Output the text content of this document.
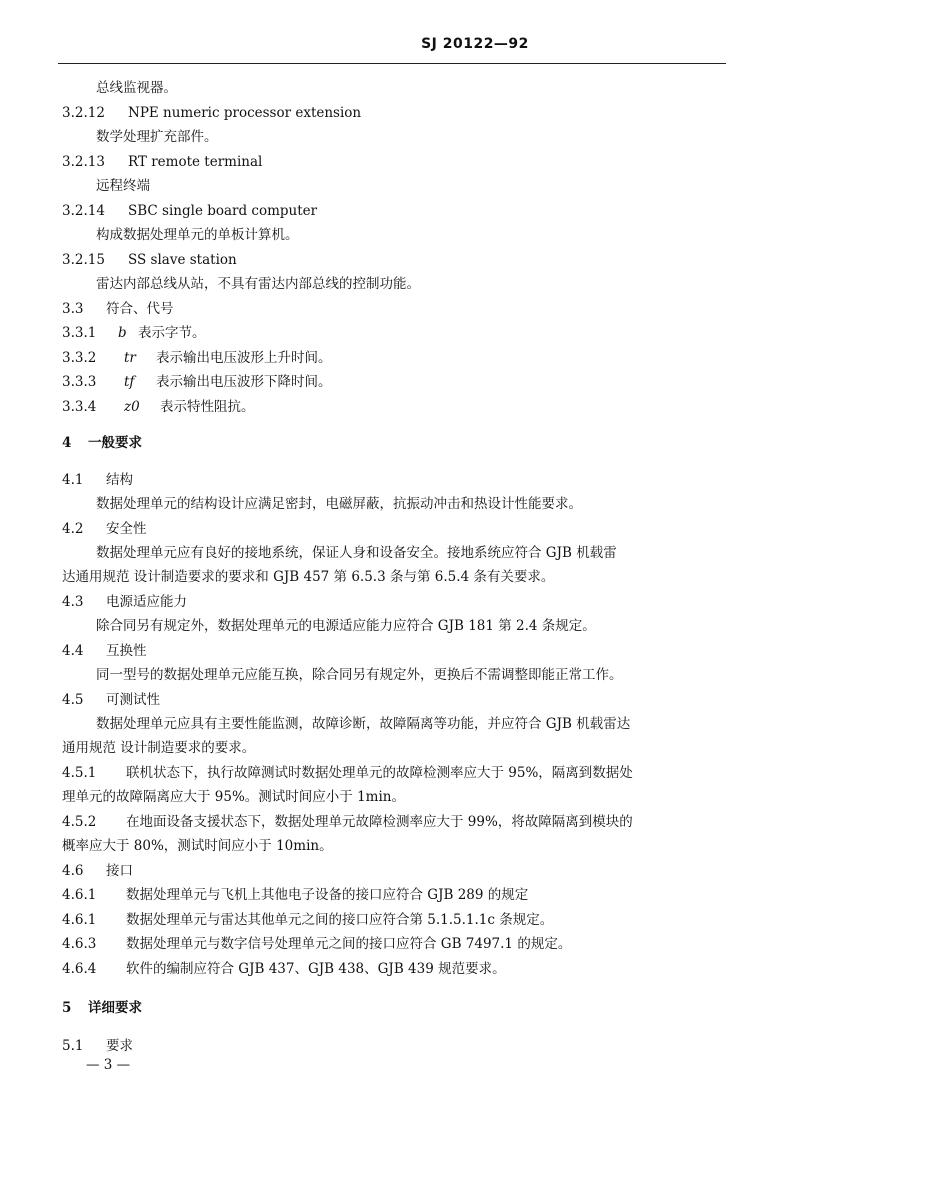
SJ 20122—92
总线监视器。
3.2.12 NPE numeric processor extension
数学处理扩充部件。
3.2.13 RT remote terminal
远程终端
3.2.14 SBC single board computer
构成数据处理单元的单板计算机。
3.2.15 SS slave station
雷达内部总线从站，不具有雷达内部总线的控制功能。
3.3 符合、代号
3.3.1 b 表示字节。
3.3.2 tr 表示输出电压波形上升时间。
3.3.3 tf 表示输出电压波形下降时间。
3.3.4 z0 表示特性阻抗。
4 一般要求
4.1 结构
数据处理单元的结构设计应满足密封，电磁屏蔽，抗振动冲击和热设计性能要求。
4.2 安全性
数据处理单元应有良好的接地系统，保证人身和设备安全。接地系统应符合 GJB 机载雷
达通用规范 设计制造要求的要求和 GJB 457 第 6.5.3 条与第 6.5.4 条有关要求。
4.3 电源适应能力
除合同另有规定外，数据处理单元的电源适应能力应符合 GJB 181 第 2.4 条规定。
4.4 互换性
同一型号的数据处理单元应能互换，除合同另有规定外，更换后不需调整即能正常工作。
4.5 可测试性
数据处理单元应具有主要性能监测，故障诊断，故障隔离等功能，并应符合 GJB 机载雷达
通用规范 设计制造要求的要求。
4.5.1 联机状态下，执行故障测试时数据处理单元的故障检测率应大于 95%，隔离到数据处
理单元的故障隔离应大于 95%。测试时间应小于 1min。
4.5.2 在地面设备支援状态下，数据处理单元故障检测率应大于 99%，将故障隔离到模块的
概率应大于 80%，测试时间应小于 10min。
4.6 接口
4.6.1 数据处理单元与飞机上其他电子设备的接口应符合 GJB 289 的规定
4.6.1 数据处理单元与雷达其他单元之间的接口应符合第 5.1.5.1.1c 条规定。
4.6.3 数据处理单元与数字信号处理单元之间的接口应符合 GB 7497.1 的规定。
4.6.4 软件的编制应符合 GJB 437、GJB 438、GJB 439 规范要求。
5 详细要求
5.1 要求
— 3 —
